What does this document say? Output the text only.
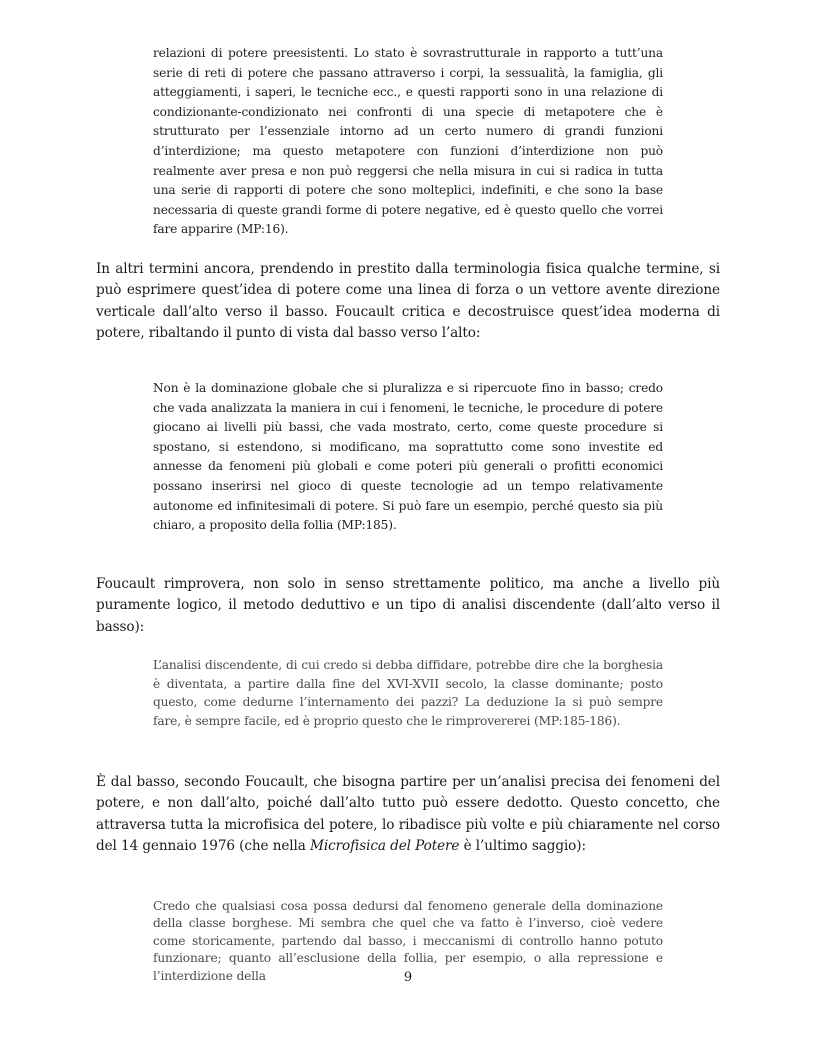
relazioni di potere preesistenti. Lo stato è sovrastrutturale in rapporto a tutt’una serie di reti di potere che passano attraverso i corpi, la sessualità, la famiglia, gli atteggiamenti, i saperi, le tecniche ecc., e questi rapporti sono in una relazione di condizionante-condizionato nei confronti di una specie di metapotere che è strutturato per l’essenziale intorno ad un certo numero di grandi funzioni d’interdizione; ma questo metapotere con funzioni d’interdizione non può realmente aver presa e non può reggersi che nella misura in cui si radica in tutta una serie di rapporti di potere che sono molteplici, indefiniti, e che sono la base necessaria di queste grandi forme di potere negative, ed è questo quello che vorrei fare apparire (MP:16).
In altri termini ancora, prendendo in prestito dalla terminologia fisica qualche termine, si può esprimere quest’idea di potere come una linea di forza o un vettore avente direzione verticale dall’alto verso il basso. Foucault critica e decostruisce quest’idea moderna di potere, ribaltando il punto di vista dal basso verso l’alto:
Non è la dominazione globale che si pluralizza e si ripercuote fino in basso; credo che vada analizzata la maniera in cui i fenomeni, le tecniche, le procedure di potere giocano ai livelli più bassi, che vada mostrato, certo, come queste procedure si spostano, si estendono, si modificano, ma soprattutto come sono investite ed annesse da fenomeni più globali e come poteri più generali o profitti economici possano inserirsi nel gioco di queste tecnologie ad un tempo relativamente autonome ed infinitesimali di potere. Si può fare un esempio, perché questo sia più chiaro, a proposito della follia (MP:185).
Foucault rimprovera, non solo in senso strettamente politico, ma anche a livello più puramente logico, il metodo deduttivo e un tipo di analisi discendente (dall’alto verso il basso):
L’analisi discendente, di cui credo si debba diffidare, potrebbe dire che la borghesia è diventata, a partire dalla fine del XVI-XVII secolo, la classe dominante; posto questo, come dedurne l’internamento dei pazzi? La deduzione la si può sempre fare, è sempre facile, ed è proprio questo che le rimprovererei (MP:185-186).
È dal basso, secondo Foucault, che bisogna partire per un’analisi precisa dei fenomeni del potere, e non dall’alto, poiché dall’alto tutto può essere dedotto. Questo concetto, che attraversa tutta la microfisica del potere, lo ribadisce più volte e più chiaramente nel corso del 14 gennaio 1976 (che nella Microfisica del Potere è l’ultimo saggio):
Credo che qualsiasi cosa possa dedursi dal fenomeno generale della dominazione della classe borghese. Mi sembra che quel che va fatto è l’inverso, cioè vedere come storicamente, partendo dal basso, i meccanismi di controllo hanno potuto funzionare; quanto all’esclusione della follia, per esempio, o alla repressione e l’interdizione della	9
